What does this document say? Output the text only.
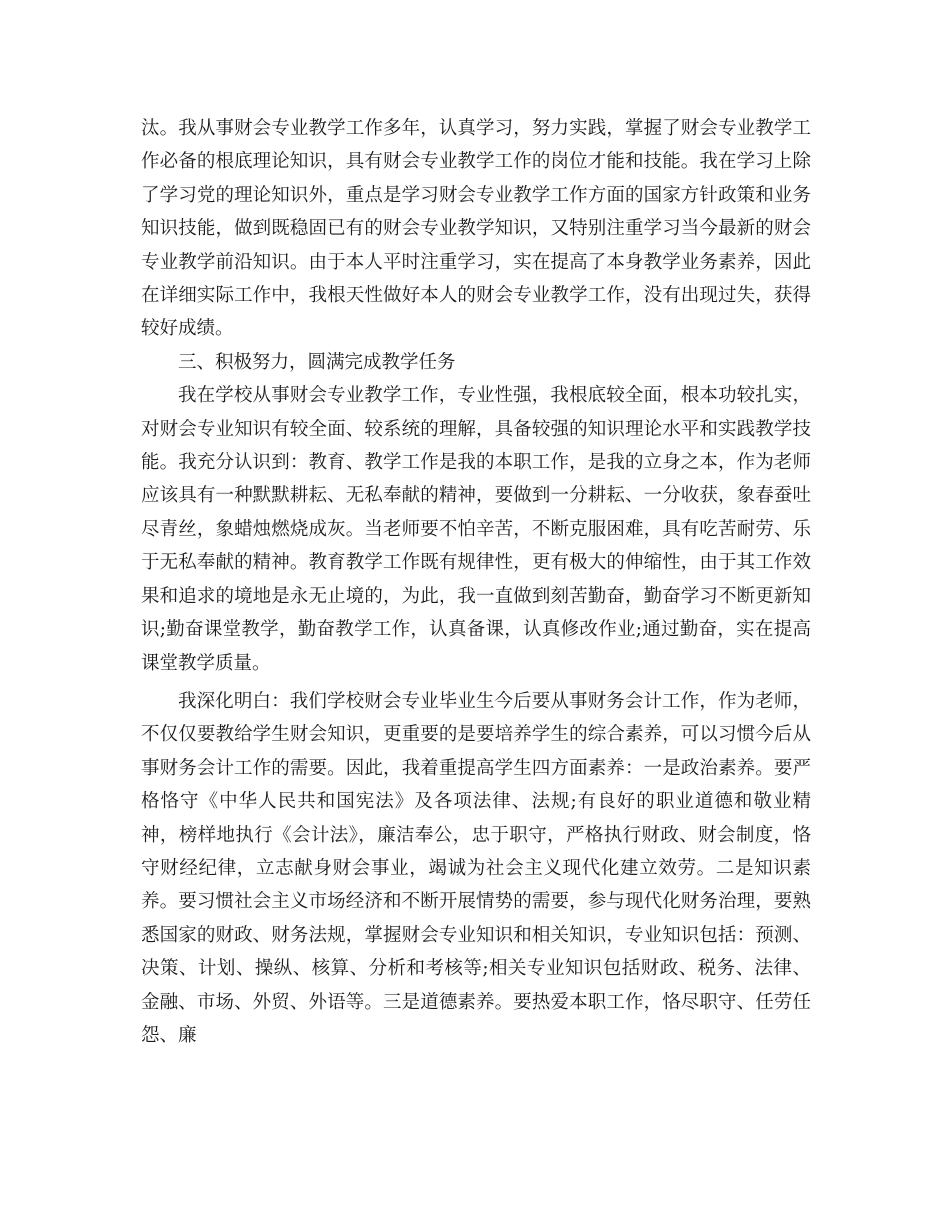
汰。我从事财会专业教学工作多年，认真学习，努力实践，掌握了财会专业教学工作必备的根底理论知识，具有财会专业教学工作的岗位才能和技能。我在学习上除了学习党的理论知识外，重点是学习财会专业教学工作方面的国家方针政策和业务知识技能，做到既稳固已有的财会专业教学知识，又特别注重学习当今最新的财会专业教学前沿知识。由于本人平时注重学习，实在提高了本身教学业务素养，因此在详细实际工作中，我根天性做好本人的财会专业教学工作，没有出现过失，获得较好成绩。

三、积极努力，圆满完成教学任务

我在学校从事财会专业教学工作，专业性强，我根底较全面，根本功较扎实，对财会专业知识有较全面、较系统的理解，具备较强的知识理论水平和实践教学技能。我充分认识到：教育、教学工作是我的本职工作，是我的立身之本，作为老师应该具有一种默默耕耘、无私奉献的精神，要做到一分耕耘、一分收获，象春蚕吐尽青丝，象蜡烛燃烧成灰。当老师要不怕辛苦，不断克服困难，具有吃苦耐劳、乐于无私奉献的精神。教育教学工作既有规律性，更有极大的伸缩性，由于其工作效果和追求的境地是永无止境的，为此，我一直做到刻苦勤奋，勤奋学习不断更新知识;勤奋课堂教学，勤奋教学工作，认真备课，认真修改作业;通过勤奋，实在提高课堂教学质量。

我深化明白：我们学校财会专业毕业生今后要从事财务会计工作，作为老师，不仅仅要教给学生财会知识，更重要的是要培养学生的综合素养，可以习惯今后从事财务会计工作的需要。因此，我着重提高学生四方面素养：一是政治素养。要严格恪守《中华人民共和国宪法》及各项法律、法规;有良好的职业道德和敬业精神，榜样地执行《会计法》，廉洁奉公，忠于职守，严格执行财政、财会制度，恪守财经纪律，立志献身财会事业，竭诚为社会主义现代化建立效劳。二是知识素养。要习惯社会主义市场经济和不断开展情势的需要，参与现代化财务治理，要熟悉国家的财政、财务法规，掌握财会专业知识和相关知识，专业知识包括：预测、决策、计划、操纵、核算、分析和考核等;相关专业知识包括财政、税务、法律、金融、市场、外贸、外语等。三是道德素养。要热爱本职工作，恪尽职守、任劳任怨、廉
